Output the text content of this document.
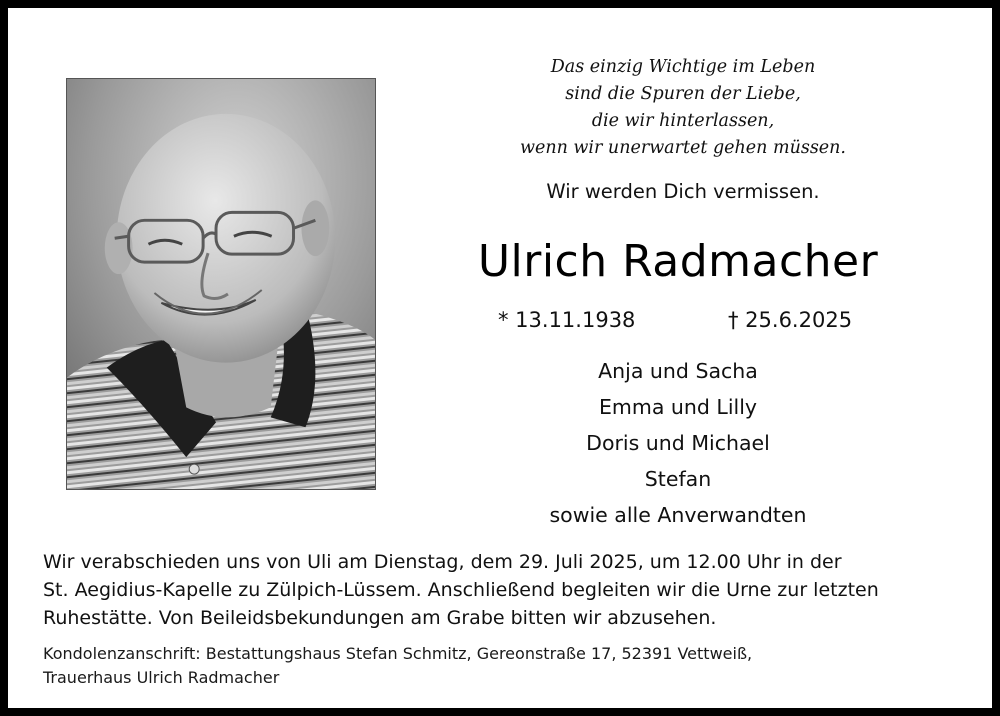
Das einzig Wichtige im Leben
sind die Spuren der Liebe,
die wir hinterlassen,
wenn wir unerwartet gehen müssen.
Wir werden Dich vermissen.
Ulrich Radmacher
* 13.11.1938	† 25.6.2025
Anja und Sacha
Emma und Lilly
Doris und Michael
Stefan
sowie alle Anverwandten
Wir verabschieden uns von Uli am Dienstag, dem 29. Juli 2025, um 12.00 Uhr in der
St. Aegidius-Kapelle zu Zülpich-Lüssem. Anschließend begleiten wir die Urne zur letzten
Ruhestätte. Von Beileidsbekundungen am Grabe bitten wir abzusehen.
Kondolenzanschrift: Bestattungshaus Stefan Schmitz, Gereonstraße 17, 52391 Vettweiß,
Trauerhaus Ulrich Radmacher
